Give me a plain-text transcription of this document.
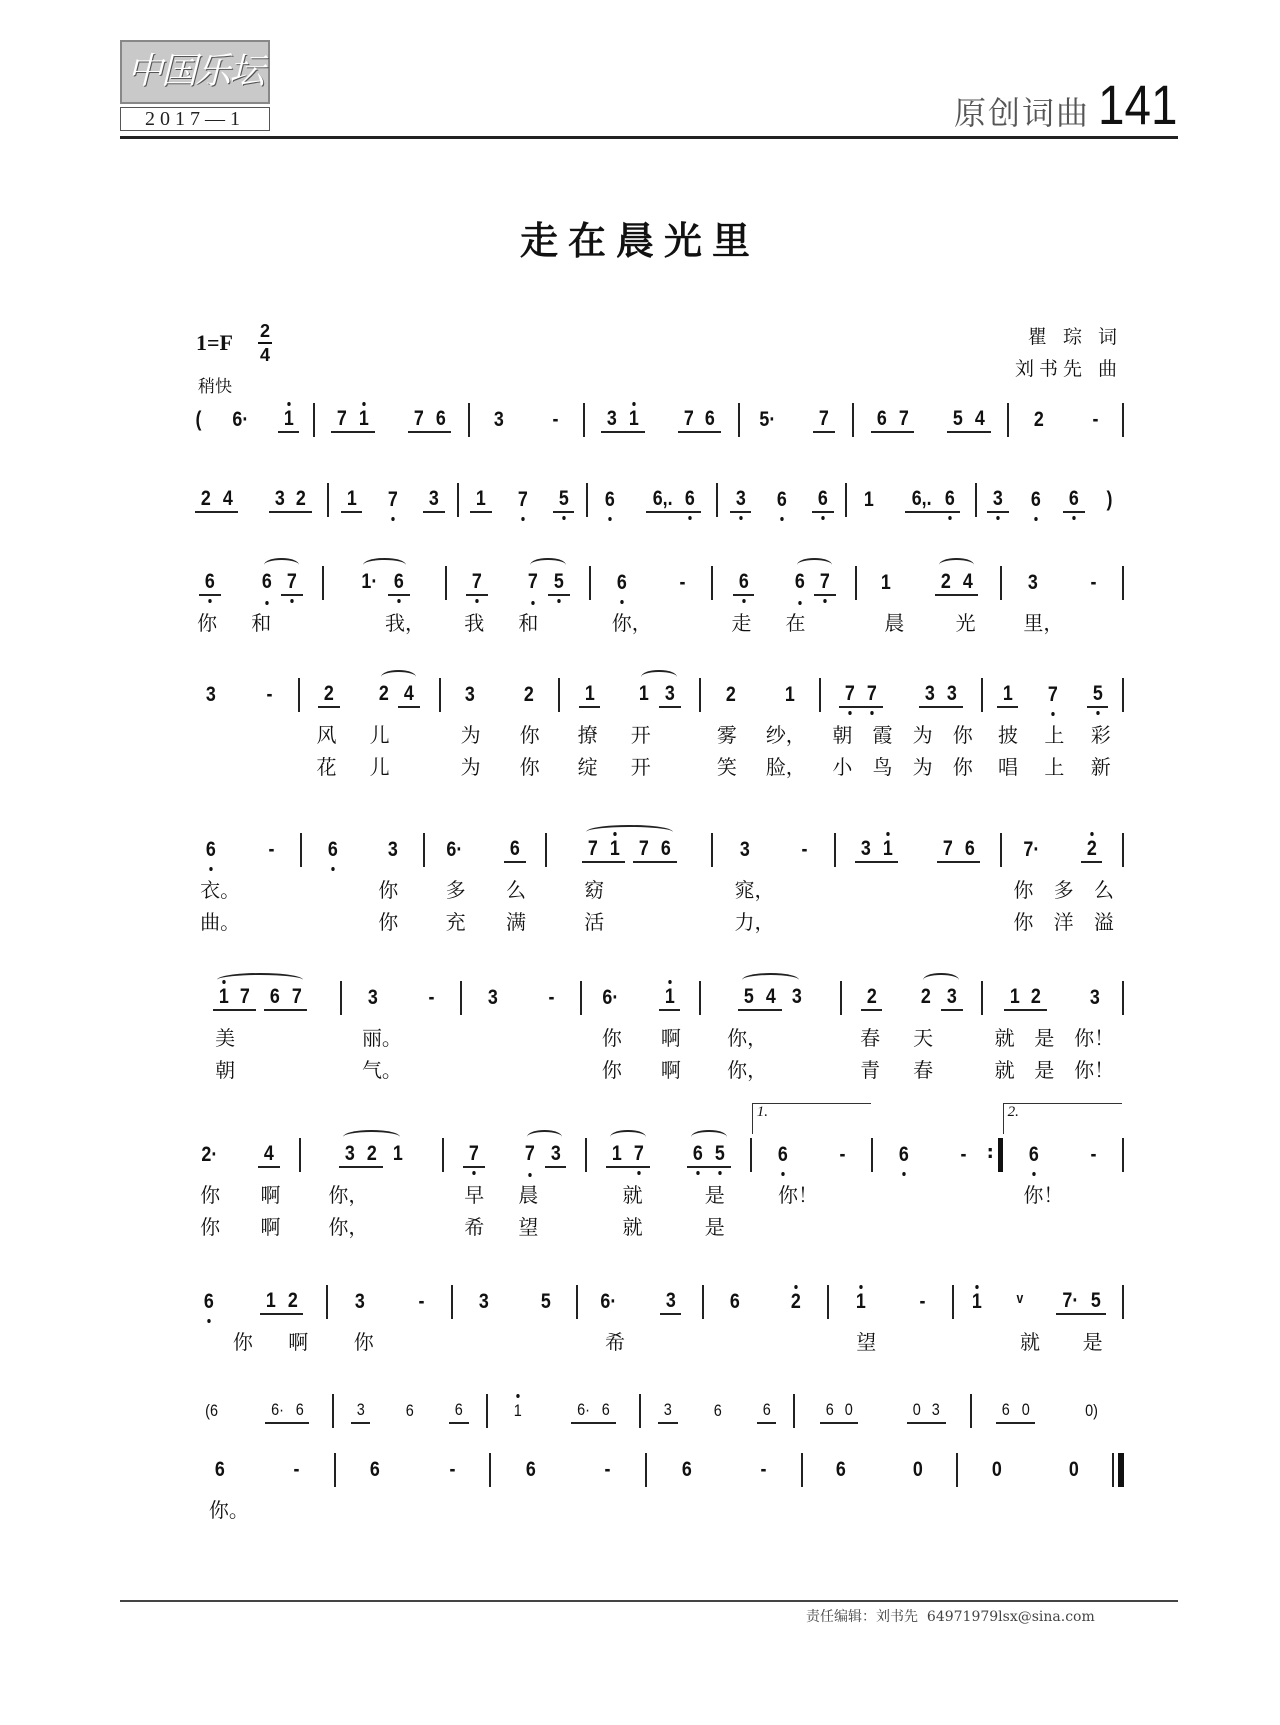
中国乐坛
2017—1	原创词曲 141
走在晨光里
1=F 2
4
稍快
瞿 琮 词
刘书先 曲
( 6· 1 7 1 7 6 3 - 3 1 7 6 5· 7 6 7 5 4 2 -
2 4 3 2 1 7 3 1 7 5 6 6,. 6 3 6 6 1 6,. 6 3 6 6 )
6 6 7	1· 6	7 7 5	6 -	6 6 7 1 2 4	3 -
你 和	我， 我 和	你，	走 在	晨	光 里，
3 - 2 2 4 3 2 1 1 3 2 1 7 7 3 3 1 7 5
风 儿	为 你 撩 开	雾 纱， 朝 霞 为 你 披 上 彩
花 儿	为 你 绽 开	笑 脸， 小 鸟 为 你 唱 上 新
6 -	6 3 6· 6	7 1 7 6	3 -	3 1 7 6 7· 2
衣。	你 多 么	窈	窕，	你 多 么
曲。	你 充 满	活	力，	你 洋 溢
1 7 6 7	3 -	3 - 6· 1	5 4 3	2 2 3	1 2 3
美	丽。	你 啊 你，	春 天	就 是 你！
朝	气。	你 啊 你，	青 春	就 是 你！
2· 4	3 2 1	7 7 3 1 7 6 5	6 -
1.
6 - :	6 -
2.
你 啊 你，	早 晨	就	是	你！	你！
你 啊 你，	希 望	就	是
6 1 2	3	-	3 5 6· 3	6 2	1	- 1 ᵛ 7· 5
你 啊 你	希	望	就 是
(6	6· 6	3 6 6	1	6· 6	3 6 6	6 0	0 3	6 0	0)
6	-	6	-	6	-	6	-	6	0	0	0
你。
责任编辑：刘书先 64971979lsx@sina.com
